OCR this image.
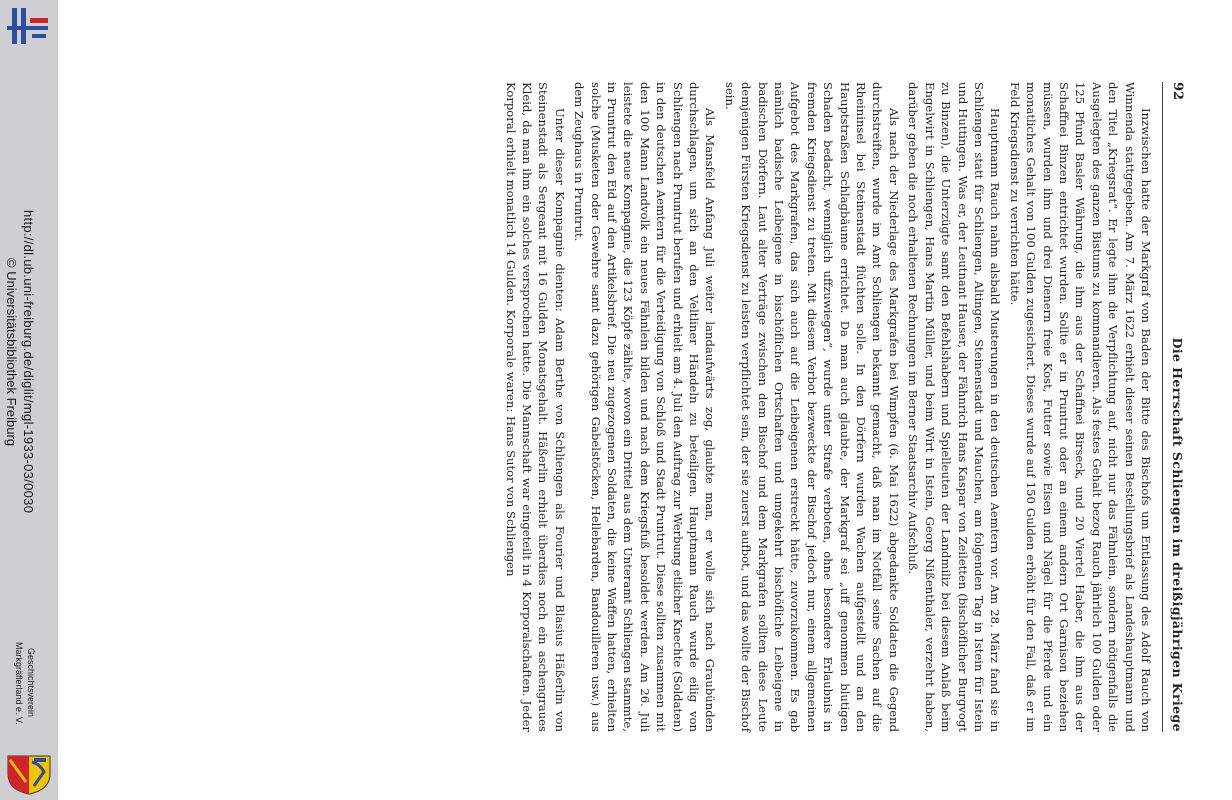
http://dl.ub.uni-freiburg.de/diglit/mgl-1933-03/0030
© Universitätsbibliothek Freiburg
Geschichtsverein
Markgräflerland e. V.
92
Die Herrschaft Schliengen im dreißigjährigen Kriege

Inzwischen hatte der Markgraf von Baden der Bitte des Bischofs um Entlassung des Adolf Rauch von Winnenda stattgegeben. Am 7. März 1622 erhielt dieser seinen Bestellungsbrief als Landeshauptmann und den Titel „Kriegsrat“. Er legte ihm die Verpflichtung auf, nicht nur das Fähnlein, sondern nötigenfalls die Ausgelegten des ganzen Bistums zu kommandieren. Als festes Gehalt bezog Rauch jährlich 100 Gulden oder 125 Pfund Basler Währung, die ihm aus der Schaffnei Birseck, und 20 Viertel Haber, die ihm aus der Schaffnei Binzen entrichtet wurden. Sollte er in Pruntrut oder an einem andern Ort Garnison beziehen müssen, wurden ihm und drei Dienern freie Kost, Futter sowie Eisen und Nägel für die Pferde und ein monatliches Gehalt von 100 Gulden zugesichert. Dieses wurde auf 150 Gulden erhöht für den Fall, daß er im Feld Kriegsdienst zu verrichten hätte.

Hauptmann Rauch nahm alsbald Musterungen in den deutschen Aemtern vor. Am 28. März fand sie in Schliengen statt für Schliengen, Altingen, Steinenstadt und Mauchen, am folgenden Tag in Istein für Istein und Huttingen. Was er, der Leutnant Hauser, der Fähnrich Hans Kaspar von Zeiletten (bischöflicher Burgvogt zu Binzen), die Unterzügte samt den Befehlshabern und Spielleuten der Landmiliz bei diesem Anlaß beim Engelwirt in Schliengen, Hans Martin Müller, und beim Wirt in Istein, Georg Nißenthaler, verzehrt haben, darüber geben die noch erhaltenen Rechnungen im Berner Staatsarchiv Aufschluß.

Als nach der Niederlage des Markgrafen bei Wimpfen (6. Mai 1622) abgedankte Soldaten die Gegend durchstreiften, wurde im Amt Schliengen bekannt gemacht, daß man im Notfall seine Sachen auf die Rheininsel bei Steinenstadt flüchten solle. In den Dörfern wurden Wachen aufgestellt und an den Hauptstraßen Schlagbäume errichtet. Da man auch glaubte, der Markgraf sei „uff genommen blutigen Schaden bedacht, wenniglich uffzuwiegen“, wurde unter Strafe verboten, ohne besondere Erlaubnis in fremden Kriegsdienst zu treten. Mit diesem Verbot bezweckte der Bischof jedoch nur, einem allgemeinen Aufgebot des Markgrafen, das sich auch auf die Leibeigenen erstreckt hätte, zuvorzukommen. Es gab nämlich badische Leibeigene in bischöflichen Ortschaften und umgekehrt bischöfliche Leibeigene in badischen Dörfern. Laut alter Verträge zwischen dem Bischof und dem Markgrafen sollten diese Leute demjenigen Fürsten Kriegsdienst zu leisten verpflichtet sein, der sie zuerst aufbot, und das wollte der Bischof sein.

Als Mansfeld Anfang Juli weiter landaufwärts zog, glaubte man, er wolle sich nach Graubünden durchschlagen, um sich an den Veltliner Händeln zu beteiligen. Hauptmann Rauch wurde eilig von Schliengen nach Pruntrut berufen und erhielt am 4. Juli den Auftrag zur Werbung etlicher Knechte (Soldaten) in den deutschen Aemtern für die Verteidigung von Schloß und Stadt Pruntrut. Diese sollten zusammen mit den 100 Mann Landvolk ein neues Fähnlein bilden und nach dem Kriegsfuß besoldet werden. Am 26. Juli leistete die neue Kompagnie, die 123 Köpfe zählte, wovon ein Drittel aus dem Unteramt Schliengen stammte, in Pruntrut den Eid auf den Artikelsbrief. Die neu zugezogenen Soldaten, die keine Waffen hatten, erhielten solche (Musketen oder Gewehre samt dazu gehörigen Gabelstöcken, Hellebarden, Bandouilleren usw.) aus dem Zeughaus in Pruntrut.

Unter dieser Kompagnie dienten: Adam Berthe von Schliengen als Fourier und Blasius Häßerlin von Steinenstadt als Sergeant mit 16 Gulden Monatsgehalt. Häßerlin erhielt überdies noch ein aschengraues Kleid, da man ihm ein solches versprochen hatte. Die Mannschaft war eingeteilt in 4 Korporalschaften. Jeder Korporal erhielt monatlich 14 Gulden. Korporale waren: Hans Sutor von Schliengen
